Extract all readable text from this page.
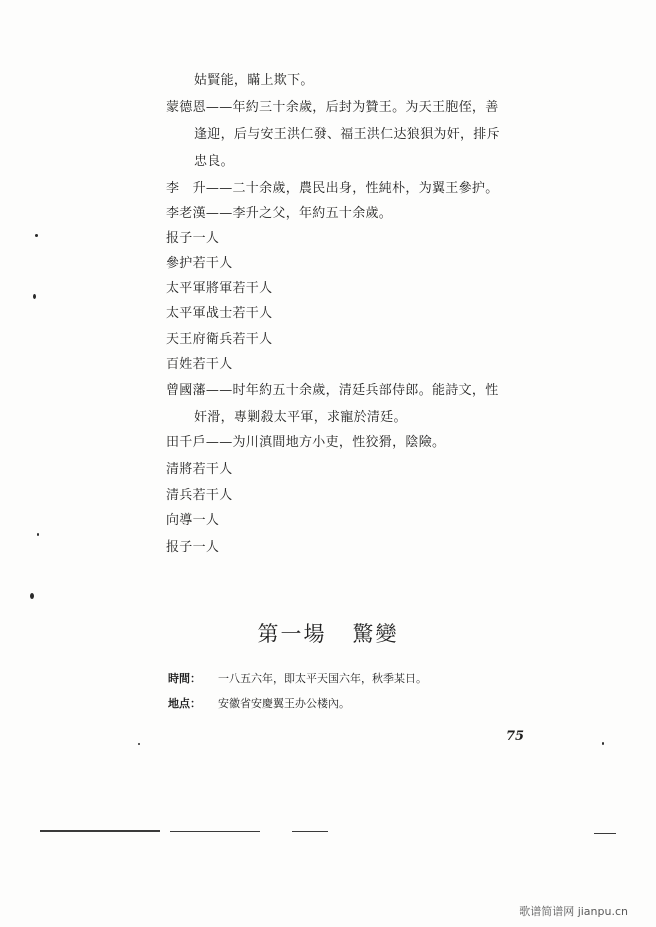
姑賢能，瞞上欺下。
蒙德恩——年約三十余歲，后封为贊王。为天王胞侄，善
逢迎，后与安王洪仁發、福王洪仁达狼狽为奸，排斥
忠良。
李　升——二十余歲，農民出身，性純朴，为翼王參护。
李老漢——李升之父，年約五十余歲。
报子一人
參护若干人
太平軍將軍若干人
太平軍战士若干人
天王府衛兵若干人
百姓若干人
曾國藩——时年約五十余歲，清廷兵部侍郎。能詩文，性
奸滑，專剿殺太平軍，求寵於清廷。
田千戶——为川滇間地方小吏，性狡猾，陰險。
清將若干人
清兵若干人
向導一人
报子一人
第一場 驚變
時間： 一八五六年，即太平天国六年，秋季某日。
地点： 安徽省安慶翼王办公楼內。
75
歌谱简谱网 jianpu.cn
